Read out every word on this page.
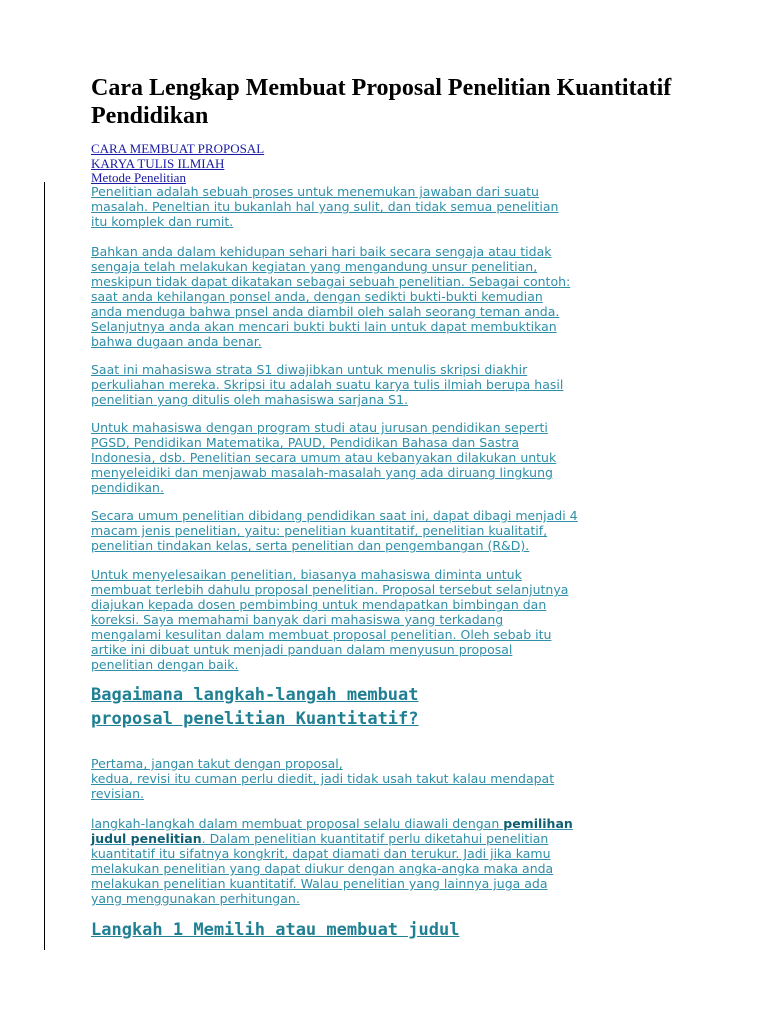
Cara Lengkap Membuat Proposal Penelitian Kuantitatif Pendidikan
CARA MEMBUAT PROPOSAL
KARYA TULIS ILMIAH
Metode Penelitian
Penelitian adalah sebuah proses untuk menemukan jawaban dari suatu
masalah. Peneltian itu bukanlah hal yang sulit, dan tidak semua penelitian
itu komplek dan rumit.
Bahkan anda dalam kehidupan sehari hari baik secara sengaja atau tidak
sengaja telah melakukan kegiatan yang mengandung unsur penelitian,
meskipun tidak dapat dikatakan sebagai sebuah penelitian. Sebagai contoh:
saat anda kehilangan ponsel anda, dengan sedikti bukti-bukti kemudian
anda menduga bahwa pnsel anda diambil oleh salah seorang teman anda.
Selanjutnya anda akan mencari bukti bukti lain untuk dapat membuktikan
bahwa dugaan anda benar.
Saat ini mahasiswa strata S1 diwajibkan untuk menulis skripsi diakhir
perkuliahan mereka. Skripsi itu adalah suatu karya tulis ilmiah berupa hasil
penelitian yang ditulis oleh mahasiswa sarjana S1.
Untuk mahasiswa dengan program studi atau jurusan pendidikan seperti
PGSD, Pendidikan Matematika, PAUD, Pendidikan Bahasa dan Sastra
Indonesia, dsb. Penelitian secara umum atau kebanyakan dilakukan untuk
menyeleidiki dan menjawab masalah-masalah yang ada diruang lingkung
pendidikan.
Secara umum penelitian dibidang pendidikan saat ini, dapat dibagi menjadi 4
macam jenis penelitian, yaitu: penelitian kuantitatif, penelitian kualitatif,
penelitian tindakan kelas, serta penelitian dan pengembangan (R&D).
Untuk menyelesaikan penelitian, biasanya mahasiswa diminta untuk
membuat terlebih dahulu proposal penelitian. Proposal tersebut selanjutnya
diajukan kepada dosen pembimbing untuk mendapatkan bimbingan dan
koreksi. Saya memahami banyak dari mahasiswa yang terkadang
mengalami kesulitan dalam membuat proposal penelitian. Oleh sebab itu
artike ini dibuat untuk menjadi panduan dalam menyusun proposal
penelitian dengan baik.
Bagaimana langkah-langah membuat
proposal penelitian Kuantitatif?
Pertama, jangan takut dengan proposal,
kedua, revisi itu cuman perlu diedit, jadi tidak usah takut kalau mendapat
revisian.
langkah-langkah dalam membuat proposal selalu diawali dengan pemilihan
judul penelitian. Dalam penelitian kuantitatif perlu diketahui penelitian
kuantitatif itu sifatnya kongkrit, dapat diamati dan terukur. Jadi jika kamu
melakukan penelitian yang dapat diukur dengan angka-angka maka anda
melakukan penelitian kuantitatif. Walau penelitian yang lainnya juga ada
yang menggunakan perhitungan.
Langkah 1 Memilih atau membuat judul
